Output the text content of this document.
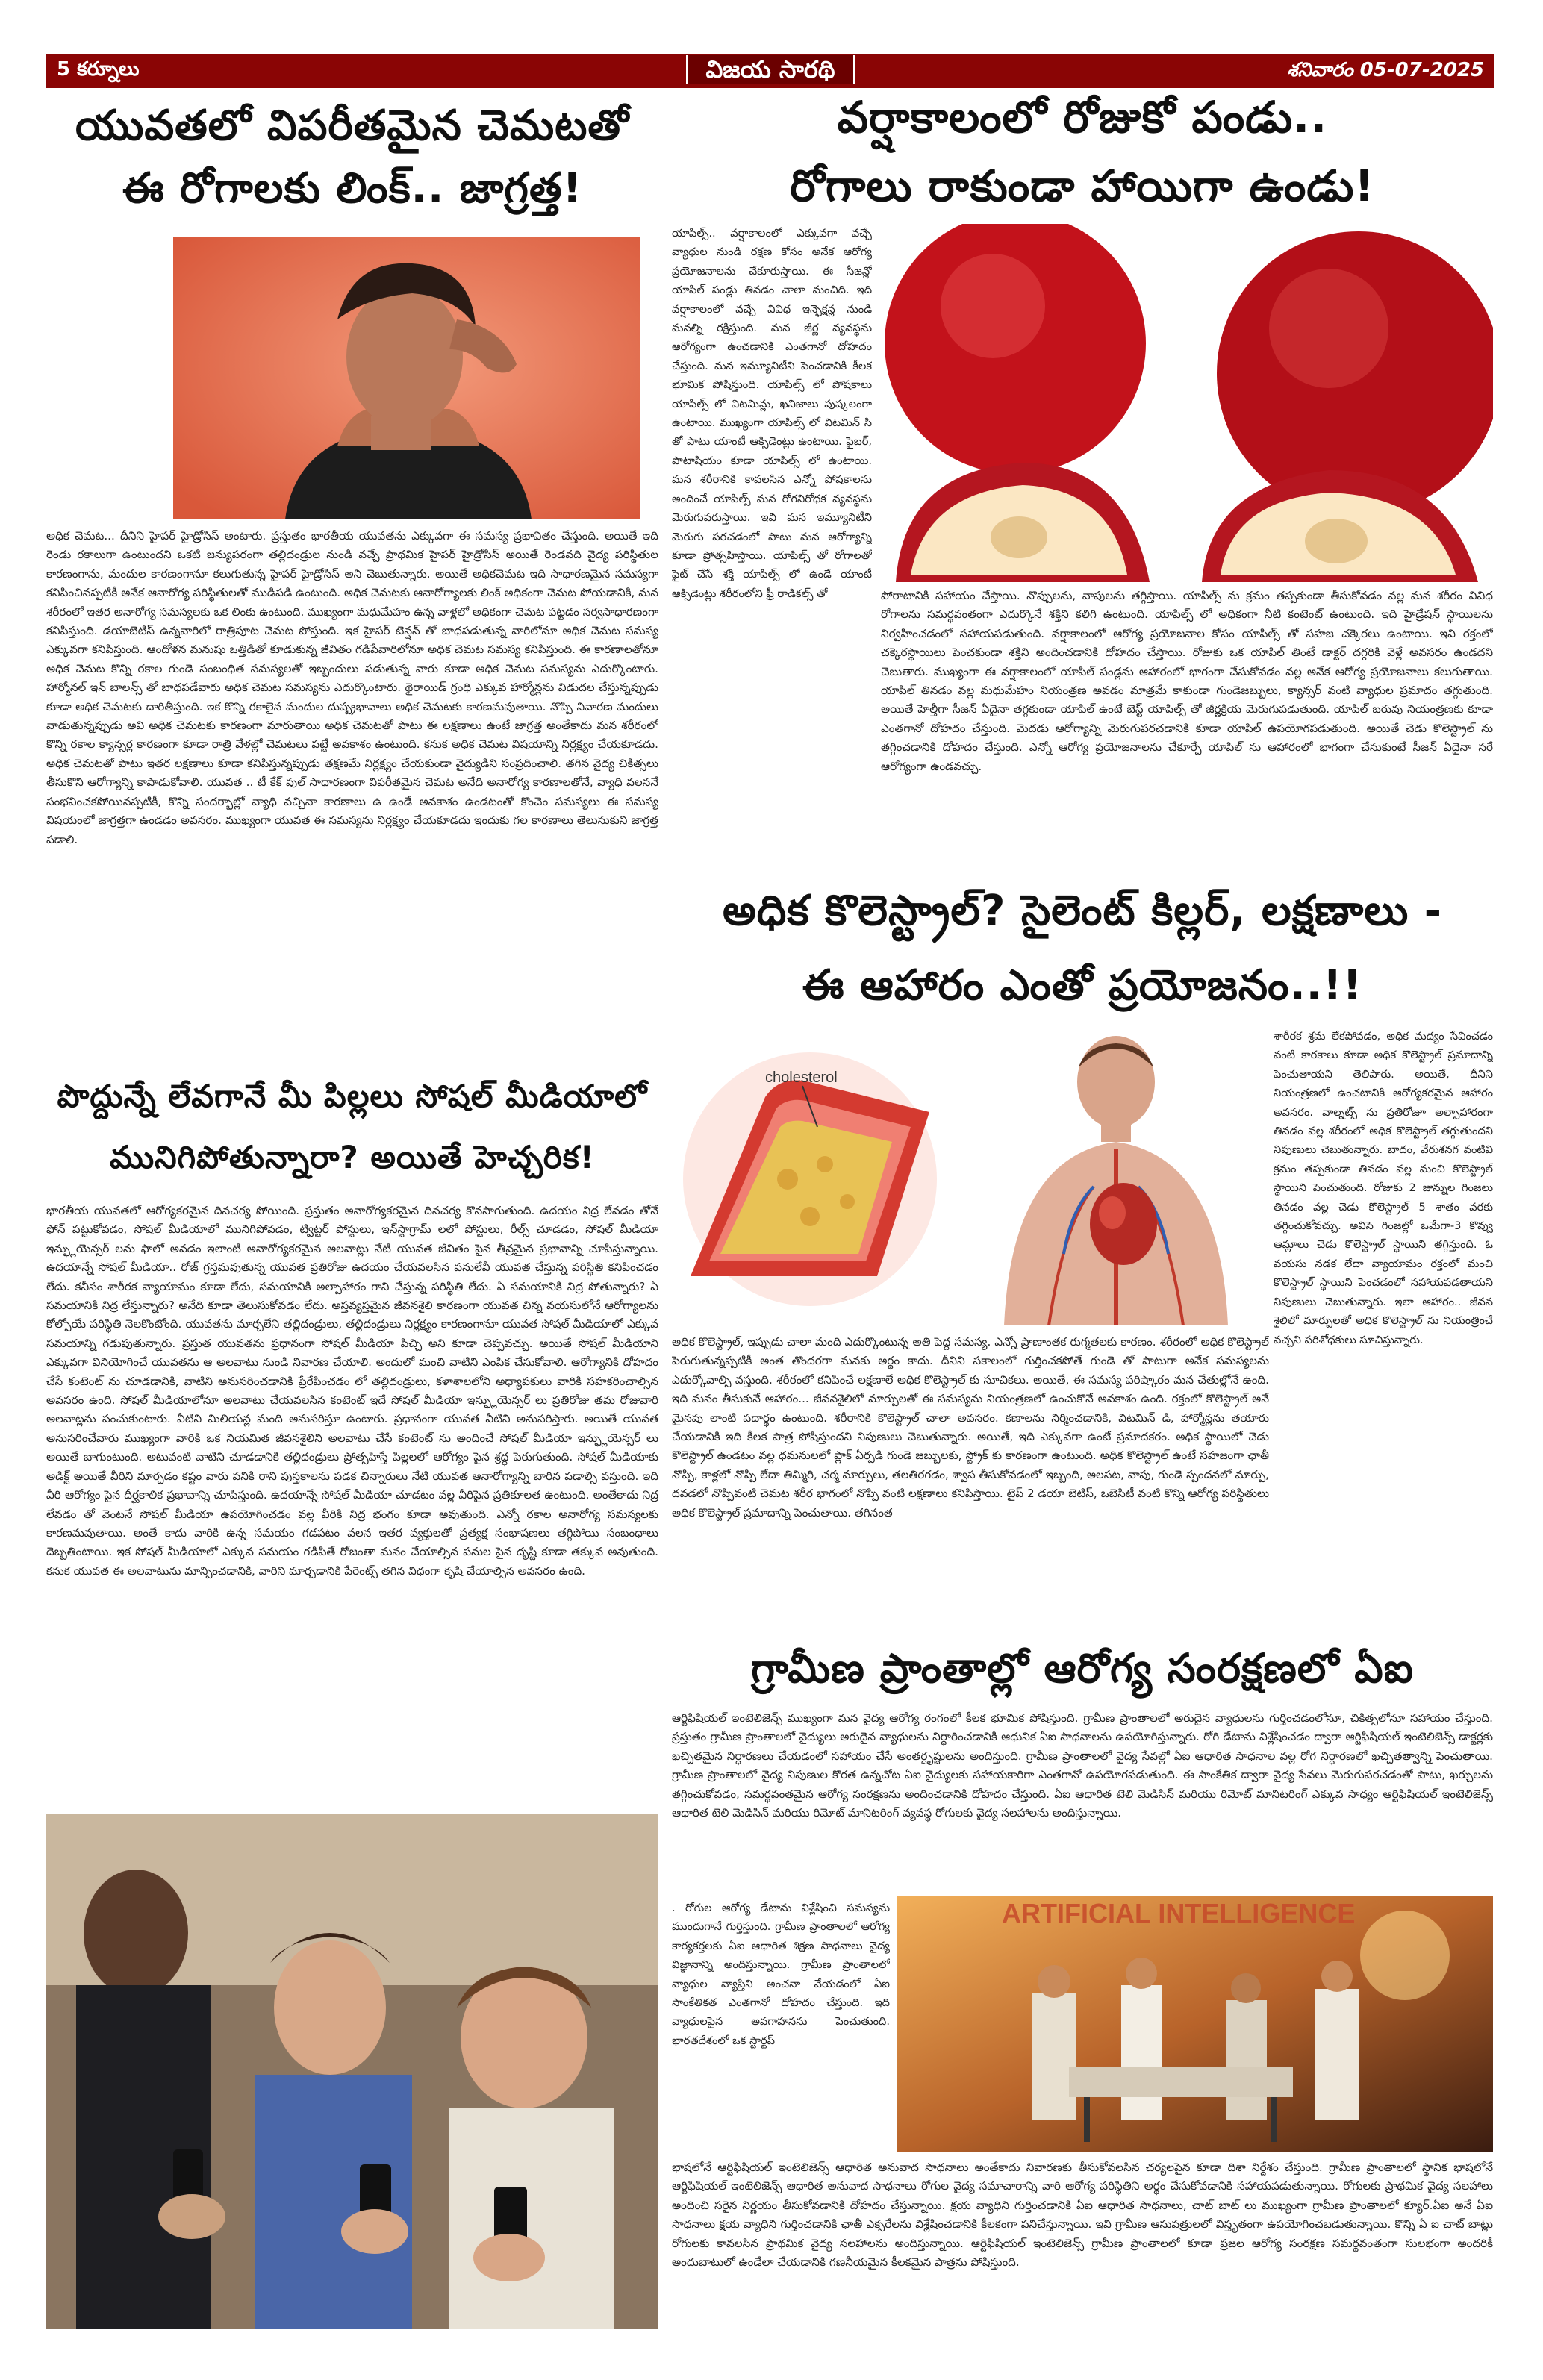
5 కర్నూలు	విజయ సారథి	శనివారం 05-07-2025
యువతలో విపరీతమైన చెమటతో
ఈ రోగాలకు లింక్.. జాగ్రత్త!
అధిక చెమట... దీనిని హైపర్ హైడ్రోసిస్ అంటారు. ప్రస్తుతం భారతీయ యువతను ఎక్కువగా ఈ సమస్య ప్రభావితం చేస్తుంది. అయితే ఇది రెండు రకాలుగా ఉంటుందని ఒకటి జన్యుపరంగా తల్లిదండ్రుల నుండి వచ్చే ప్రాథమిక హైపర్ హైడ్రోసిస్ అయితే రెండవది వైద్య పరిస్థితుల కారణంగాను, మందుల కారణంగానూ కలుగుతున్న హైపర్ హైడ్రోసిస్ అని చెబుతున్నారు. అయితే అధికచెమట ఇది సాధారణమైన సమస్యగా కనిపించినప్పటికీ అనేక ఆనారోగ్య పరిస్థితులతో ముడిపడి ఉంటుంది. అధిక చెమటకు ఆనారోగ్యాలకు లింక్ అధికంగా చెమట పోయడానికి, మన శరీరంలో ఇతర అనారోగ్య సమస్యలకు ఒక లింకు ఉంటుంది. ముఖ్యంగా మధుమేహం ఉన్న వాళ్లలో అధికంగా చెమట పట్టడం సర్వసాధారణంగా కనిపిస్తుంది. డయాబెటిస్ ఉన్నవారిలో రాత్రిపూట చెమట పోస్తుంది. ఇక హైపర్ టెన్షన్ తో బాధపడుతున్న వారిలోనూ అధిక చెమట సమస్య ఎక్కువగా కనిపిస్తుంది. ఆందోళన మనుషు ఒత్తిడితో కూడుకున్న జీవితం గడిపేవారిలోనూ అధిక చెమట సమస్య కనిపిస్తుంది. ఈ కారణాలతోనూ అధిక చెమట కొన్ని రకాల గుండె సంబంధిత సమస్యలతో ఇబ్బందులు పడుతున్న వారు కూడా అధిక చెమట సమస్యను ఎదుర్కొంటారు. హార్మోనల్ ఇన్ బాలన్స్ తో బాధపడేవారు అధిక చెమట సమస్యను ఎదుర్కొంటారు. థైరాయిడ్ గ్రంధి ఎక్కువ హార్మోన్లను విడుదల చేస్తున్నప్పుడు కూడా అధిక చెమటకు దారితీస్తుంది. ఇక కొన్ని రకాలైన మందుల దుష్ప్రభావాలు అధిక చెమటకు కారణమవుతాయి. నొప్పి నివారణ మందులు వాడుతున్నప్పుడు అవి అధిక చెమటకు కారణంగా మారుతాయి అధిక చెమటతో పాటు ఈ లక్షణాలు ఉంటే జాగ్రత్త అంతేకాదు మన శరీరంలో కొన్ని రకాల క్యాన్సర్ల కారణంగా కూడా రాత్రి వేళల్లో చెమటలు పట్టే అవకాశం ఉంటుంది. కనుక అధిక చెమట విషయాన్ని నిర్లక్ష్యం చేయకూడదు. అధిక చెమటతో పాటు ఇతర లక్షణాలు కూడా కనిపిస్తున్నప్పుడు తక్షణమే నిర్లక్ష్యం చేయకుండా వైద్యుడిని సంప్రదించాలి. తగిన వైద్య చికిత్సలు తీసుకొని ఆరోగ్యాన్ని కాపాడుకోవాలి. యువత .. టీ కేక్ పుల్ సాధారణంగా విపరీతమైన చెమట అనేది అనారోగ్య కారణాలతోనే, వ్యాధి వలననే సంభవించకపోయినప్పటికీ, కొన్ని సందర్భాల్లో వ్యాధి వచ్చినా కారణాలు ఉ ఉండే అవకాశం ఉండటంతో కొంచెం సమస్యలు ఈ సమస్య విషయంలో జాగ్రత్తగా ఉండడం అవసరం. ముఖ్యంగా యువత ఈ సమస్యను నిర్లక్ష్యం చేయకూడదు ఇందుకు గల కారణాలు తెలుసుకుని జాగ్రత్త పడాలి.
వర్షాకాలంలో రోజుకో పండు..
రోగాలు రాకుండా హాయిగా ఉండు!
యాపిల్స్.. వర్షాకాలంలో ఎక్కువగా వచ్చే వ్యాధుల నుండి రక్షణ కోసం అనేక ఆరోగ్య ప్రయోజనాలను చేకూరుస్తాయి. ఈ సీజన్లో యాపిల్ పండ్లు తినడం చాలా మంచిది. ఇది వర్షాకాలంలో వచ్చే వివిధ ఇన్ఫెక్షన్ల నుండి మనల్ని రక్షిస్తుంది. మన జీర్ణ వ్యవస్థను ఆరోగ్యంగా ఉంచడానికి ఎంతగానో దోహదం చేస్తుంది. మన ఇమ్యూనిటీని పెంచడానికి కీలక భూమిక పోషిస్తుంది. యాపిల్స్ లో పోషకాలు యాపిల్స్ లో విటమిన్లు, ఖనిజాలు పుష్కలంగా ఉంటాయి. ముఖ్యంగా యాపిల్స్ లో విటమిన్ సి తో పాటు యాంటీ ఆక్సిడెంట్లు ఉంటాయి. ఫైబర్, పొటాషియం కూడా యాపిల్స్ లో ఉంటాయి. మన శరీరానికి కావలసిన ఎన్నో పోషకాలను అందించే యాపిల్స్ మన రోగనిరోధక వ్యవస్థను మెరుగుపరుస్తాయి. ఇవి మన ఇమ్యూనిటీని మెరుగు పరచడంలో పాటు మన ఆరోగ్యాన్ని కూడా ప్రోత్సహిస్తాయి. యాపిల్స్ తో రోగాలతో ఫైట్ చేసే శక్తి యాపిల్స్ లో ఉండే యాంటీ ఆక్సిడెంట్లు శరీరంలోని ఫ్రీ రాడికల్స్ తో	పోరాటానికి సహాయం చేస్తాయి. నొప్పులను, వాపులను తగ్గిస్తాయి. యాపిల్స్ ను క్రమం తప్పకుండా తీసుకోవడం వల్ల మన శరీరం వివిధ రోగాలను సమర్థవంతంగా ఎదుర్కొనే శక్తిని కలిగి ఉంటుంది. యాపిల్స్ లో అధికంగా నీటి కంటెంట్ ఉంటుంది. ఇది హైడ్రేషన్ స్థాయిలను నిర్వహించడంలో సహాయపడుతుంది. వర్షాకాలంలో ఆరోగ్య ప్రయోజనాల కోసం యాపిల్స్ తో సహజ చక్కెరలు ఉంటాయి. ఇవి రక్తంలో చక్కెరస్థాయిలు పెంచకుండా శక్తిని అందించడానికి దోహదం చేస్తాయి. రోజుకు ఒక యాపిల్ తింటే డాక్టర్ దగ్గరికి వెళ్లే అవసరం ఉండదని చెబుతారు. ముఖ్యంగా ఈ వర్షాకాలంలో యాపిల్ పండ్లను ఆహారంలో భాగంగా చేసుకోవడం వల్ల అనేక ఆరోగ్య ప్రయోజనాలు కలుగుతాయి. యాపిల్ తినడం వల్ల మధుమేహం నియంత్రణ అవడం మాత్రమే కాకుండా గుండెజబ్బులు, క్యాన్సర్ వంటి వ్యాధుల ప్రమాదం తగ్గుతుంది. అయితే హెల్తీగా సీజన్ ఏదైనా తగ్గకుండా యాపిల్ ఉంటే బెస్ట్ యాపిల్స్ తో జీర్ణక్రియ మెరుగుపడుతుంది. యాపిల్ బరువు నియంత్రణకు కూడా ఎంతగానో దోహదం చేస్తుంది. మెదడు ఆరోగ్యాన్ని మెరుగుపరచడానికి కూడా యాపిల్ ఉపయోగపడుతుంది. అయితే చెడు కొలెస్ట్రాల్ ను తగ్గించడానికి దోహదం చేస్తుంది. ఎన్నో ఆరోగ్య ప్రయోజనాలను చేకూర్చే యాపిల్ ను ఆహారంలో భాగంగా చేసుకుంటే సీజన్ ఏదైనా సరే ఆరోగ్యంగా ఉండవచ్చు.
పొద్దున్నే లేవగానే మీ పిల్లలు సోషల్ మీడియాలో
మునిగిపోతున్నారా? అయితే హెచ్చరిక!
భారతీయ యువతలో ఆరోగ్యకరమైన దినచర్య పోయింది. ప్రస్తుతం అనారోగ్యకరమైన దినచర్య కొనసాగుతుంది. ఉదయం నిద్ర లేవడం తోనే ఫోన్ పట్టుకోవడం, సోషల్ మీడియాలో మునిగిపోవడం, ట్విట్టర్ పోస్టులు, ఇన్‌స్టాగ్రామ్‌ లలో పోస్టులు, రీల్స్ చూడడం, సోషల్ మీడియా ఇన్ఫ్లుయెన్సర్ లను ఫాలో అవడం ఇలాంటి అనారోగ్యకరమైన అలవాట్లు నేటి యువత జీవితం పైన తీవ్రమైన ప్రభావాన్ని చూపిస్తున్నాయి. ఉదయాన్నే సోషల్ మీడియా.. రోజ్ గ్రస్తమవుతున్న యువత ప్రతిరోజు ఉదయం చేయవలసిన పనులేవీ యువత చేస్తున్న పరిస్థితి కనిపించడం లేదు. కనీసం శారీరక వ్యాయామం కూడా లేదు, సమయానికి అల్పాహారం గాని చేస్తున్న పరిస్థితి లేదు. ఏ సమయానికి నిద్ర పోతున్నారు? ఏ సమయానికి నిద్ర లేస్తున్నారు? అనేది కూడా తెలుసుకోవడం లేదు. అస్తవ్యస్తమైన జీవనశైలి కారణంగా యువత చిన్న వయసులోనే ఆరోగ్యాలను కోల్పోయే పరిస్థితి నెలకొంటోంది. యువతను మార్చలేని తల్లిదండ్రులు, తల్లిదండ్రులు నిర్లక్ష్యం కారణంగానూ యువత సోషల్ మీడియాలో ఎక్కువ సమయాన్ని గడుపుతున్నారు. ప్రస్తుత యువతను ప్రధానంగా సోషల్ మీడియా పిచ్చి అని కూడా చెప్పవచ్చు. అయితే సోషల్ మీడియాని ఎక్కువగా వినియోగించే యువతను ఆ అలవాటు నుండి నివారణ చేయాలి. అందులో మంచి వాటిని ఎంపిక చేసుకోవాలి. ఆరోగ్యానికి దోహదం చేసే కంటెంట్ ను చూడడానికి, వాటిని అనుసరించడానికి ప్రేరేపించడం లో తల్లిదండ్రులు, కళాశాలలోని అధ్యాపకులు వారికి సహకరించాల్సిన అవసరం ఉంది. సోషల్ మీడియాలోనూ అలవాటు చేయవలసిన కంటెంట్ ఇదే సోషల్ మీడియా ఇన్ఫ్లుయెన్సర్ లు ప్రతిరోజు తమ రోజువారి అలవాట్లను పంచుకుంటారు. వీటిని మిలియన్ల మంది అనుసరిస్తూ ఉంటారు. ప్రధానంగా యువత వీటిని అనుసరిస్తారు. అయితే యువత అనుసరించేవారు ముఖ్యంగా వారికి ఒక నియమిత జీవనశైలిని అలవాటు చేసే కంటెంట్ ను అందించే సోషల్ మీడియా ఇన్ఫ్లుయెన్సర్ లు అయితే బాగుంటుంది. అటువంటి వాటిని చూడడానికి తల్లిదండ్రులు ప్రోత్సహిస్తే పిల్లలలో ఆరోగ్యం పైన శ్రద్ధ పెరుగుతుంది. సోషల్ మీడియాకు అడిక్ట్ అయితే వీరిని మార్చడం కష్టం వారు పనికి రాని పుస్తకాలను పడక చిన్నారులు నేటి యువత ఆనారోగ్యాన్ని బారిన పడాల్సి వస్తుంది. ఇది వీరి ఆరోగ్యం పైన దీర్ఘకాలిక ప్రభావాన్ని చూపిస్తుంది. ఉదయాన్నే సోషల్ మీడియా చూడటం వల్ల వీరిపైన ప్రతికూలత ఉంటుంది. అంతేకాదు నిద్ర లేవడం తో వెంటనే సోషల్ మీడియా ఉపయోగించడం వల్ల వీరికి నిద్ర భంగం కూడా అవుతుంది. ఎన్నో రకాల అనారోగ్య సమస్యలకు కారణమవుతాయి. అంతే కాదు వారికి ఉన్న సమయం గడపటం వలన ఇతర వ్యక్తులతో ప్రత్యక్ష సంభాషణలు తగ్గిపోయి సంబంధాలు దెబ్బతింటాయి. ఇక సోషల్ మీడియాలో ఎక్కువ సమయం గడిపితే రోజంతా మనం చేయాల్సిన పనుల పైన దృష్టి కూడా తక్కువ అవుతుంది. కనుక యువత ఈ అలవాటును మాన్పించడానికి, వారిని మార్చడానికి పేరెంట్స్ తగిన విధంగా కృషి చేయాల్సిన అవసరం ఉంది.
అధిక కొలెస్ట్రాల్? సైలెంట్ కిల్లర్, లక్షణాలు -
ఈ ఆహారం ఎంతో ప్రయోజనం..!!
cholesterol
శారీరక శ్రమ లేకపోవడం, అధిక మద్యం సేవించడం వంటి కారకాలు కూడా అధిక కొలెస్ట్రాల్ ప్రమాదాన్ని పెంచుతాయని తెలిపారు. అయితే, దీనిని నియంత్రణలో ఉంచటానికి ఆరోగ్యకరమైన ఆహారం అవసరం. వాల్నట్స్ ను ప్రతిరోజూ అల్పాహారంగా తినడం వల్ల శరీరంలో అధిక కొలెస్ట్రాల్ తగ్గుతుందని నిపుణులు చెబుతున్నారు. బాదం, వేరుశనగ వంటివి క్రమం తప్పకుండా తినడం వల్ల మంచి కొలెస్ట్రాల్ స్థాయిని పెంచుతుంది. రోజుకు 2 జున్నుల గింజలు తినడం వల్ల చెడు కొలెస్ట్రాల్ 5 శాతం వరకు తగ్గించుకోవచ్చు. అవిసె గింజల్లో ఒమేగా-3 కొవ్వు ఆమ్లాలు చెడు కొలెస్ట్రాల్ స్థాయిని తగ్గిస్తుంది. ఓ వయసు నడక లేదా వ్యాయామం రక్తంలో మంచి కొలెస్ట్రాల్ స్థాయిని పెంచడంలో సహాయపడతాయని నిపుణులు చెబుతున్నారు. ఇలా ఆహారం.. జీవన శైలిలో మార్పులతో అధిక కొలెస్ట్రాల్ ను నియంత్రించే వచ్చని పరిశోధకులు సూచిస్తున్నారు.
అధిక కొలెస్ట్రాల్, ఇప్పుడు చాలా మంది ఎదుర్కొంటున్న అతి పెద్ద సమస్య. ఎన్నో ప్రాణాంతక రుగ్మతలకు కారణం. శరీరంలో అధిక కొలెస్ట్రాల్ పెరుగుతున్నప్పటికీ అంత తొందరగా మనకు అర్థం కాదు. దీనిని సకాలంలో గుర్తించకపోతే గుండె తో పాటుగా అనేక సమస్యలను ఎదుర్కోవాల్సి వస్తుంది. శరీరంలో కనిపించే లక్షణాలే అధిక కొలెస్ట్రాల్ కు సూచికలు. అయితే, ఈ సమస్య పరిష్కారం మన చేతుల్లోనే ఉంది. ఇది మనం తీసుకునే ఆహారం... జీవనశైలిలో మార్పులతో ఈ సమస్యను నియంత్రణలో ఉంచుకొనే అవకాశం ఉంది. రక్తంలో కొలెస్ట్రాల్ అనే మైనపు లాంటి పదార్థం ఉంటుంది. శరీరానికి కొలెస్ట్రాల్ చాలా అవసరం. కణాలను నిర్మించడానికి, విటమిన్ డి, హార్మోన్లను తయారు చేయడానికి ఇది కీలక పాత్ర పోషిస్తుందని నిపుణులు చెబుతున్నారు. అయితే, ఇది ఎక్కువగా ఉంటే ప్రమాదకరం. అధిక స్థాయిలో చెడు కొలెస్ట్రాల్ ఉండటం వల్ల ధమనులలో ప్లాక్ ఏర్పడి గుండె జబ్బులకు, స్ట్రోక్ కు కారణంగా ఉంటుంది. అధిక కొలెస్ట్రాల్ ఉంటే సహజంగా ఛాతీ నొప్పి, కాళ్లలో నొప్పి లేదా తిమ్మిరి, చర్మ మార్పులు, తలతిరగడం, శ్వాస తీసుకోవడంలో ఇబ్బంది, అలసట, వాపు, గుండె స్పందనలో మార్పు, దవడలో నొప్పివంటి చెమట శరీర భాగంలో నొప్పి వంటి లక్షణాలు కనిపిస్తాయి. టైప్ 2 డయా బెటిస్, ఒబెసిటీ వంటి కొన్ని ఆరోగ్య పరిస్థితులు అధిక కొలెస్ట్రాల్ ప్రమాదాన్ని పెంచుతాయి. తగినంత
గ్రామీణ ప్రాంతాల్లో ఆరోగ్య సంరక్షణలో ఏఐ
ఆర్టిఫిషియల్ ఇంటెలిజెన్స్ ముఖ్యంగా మన వైద్య ఆరోగ్య రంగంలో కీలక భూమిక పోషిస్తుంది. గ్రామీణ ప్రాంతాలలో అరుదైన వ్యాధులను గుర్తించడంలోనూ, చికిత్సలోనూ సహాయం చేస్తుంది. ప్రస్తుతం గ్రామీణ ప్రాంతాలలో వైద్యులు అరుదైన వ్యాధులను నిర్ధారించడానికి ఆధునిక ఏఐ సాధనాలను ఉపయోగిస్తున్నారు. రోగి డేటాను విశ్లేషించడం ద్వారా ఆర్టిఫిషియల్ ఇంటెలిజెన్స్ డాక్టర్లకు ఖచ్చితమైన నిర్ధారణలు చేయడంలో సహాయం చేసే అంతర్దృష్టులను అందిస్తుంది. గ్రామీణ ప్రాంతాలలో వైద్య సేవల్లో ఏఐ ఆధారిత సాధనాల వల్ల రోగ నిర్ధారణలో ఖచ్చితత్వాన్ని పెంచుతాయి. గ్రామీణ ప్రాంతాలలో వైద్య నిపుణుల కొరత ఉన్నచోట ఏఐ వైద్యులకు సహాయకారిగా ఎంతగానో ఉపయోగపడుతుంది. ఈ సాంకేతిక ద్వారా వైద్య సేవలు మెరుగుపరచడంతో పాటు, ఖర్చులను తగ్గించుకోవడం, సమర్థవంతమైన ఆరోగ్య సంరక్షణను అందించడానికి దోహదం చేస్తుంది. ఏఐ ఆధారిత టెలి మెడిసిన్ మరియు రిమోట్ మానిటరింగ్ ఎక్కువ సాధ్యం ఆర్టిఫిషియల్ ఇంటెలిజెన్స్ ఆధారిత టెలి మెడిసిన్ మరియు రిమోట్ మానిటరింగ్ వ్యవస్థ రోగులకు వైద్య సలహాలను అందిస్తున్నాయి.
. రోగుల ఆరోగ్య డేటాను విశ్లేషించి సమస్యను ముందుగానే గుర్తిస్తుంది. గ్రామీణ ప్రాంతాలలో ఆరోగ్య కార్యకర్తలకు ఏఐ ఆధారిత శిక్షణ సాధనాలు వైద్య విజ్ఞానాన్ని అందిస్తున్నాయి. గ్రామీణ ప్రాంతాలలో వ్యాధుల వ్యాప్తిని అంచనా వేయడంలో ఏఐ సాంకేతికత ఎంతగానో దోహదం చేస్తుంది. ఇది వ్యాధులపైన అవగాహనను పెంచుతుంది. భారతదేశంలో ఒక స్టార్టప్
ARTIFICIAL INTELLIGENCE
భాషలోనే ఆర్టిఫిషియల్ ఇంటెలిజెన్స్ ఆధారిత అనువాద సాధనాలు అంతేకాదు నివారణకు తీసుకోవలసిన చర్యలపైన కూడా దిశా నిర్దేశం చేస్తుంది. గ్రామీణ ప్రాంతాలలో స్థానిక భాషలోనే ఆర్టిఫిషియల్ ఇంటెలిజెన్స్ ఆధారిత అనువాద సాధనాలు రోగుల వైద్య సమాచారాన్ని వారి ఆరోగ్య పరిస్థితిని అర్థం చేసుకోవడానికి సహాయపడుతున్నాయి. రోగులకు ప్రాథమిక వైద్య సలహాలు అందించి సరైన నిర్ణయం తీసుకోవడానికి దోహదం చేస్తున్నాయి. క్షయ వ్యాధిని గుర్తించడానికి ఏఐ ఆధారిత సాధనాలు, చాట్ బాట్ లు ముఖ్యంగా గ్రామీణ ప్రాంతాలలో క్యూర్.ఏఐ అనే ఏఐ సాధనాలు క్షయ వ్యాధిని గుర్తించడానికి ఛాతీ ఎక్సరేలను విశ్లేషించడానికి కీలకంగా పనిచేస్తున్నాయి. ఇవి గ్రామీణ ఆసుపత్రులలో విస్తృతంగా ఉపయోగించబడుతున్నాయి. కొన్ని ఏ ఐ చాట్ బాట్లు రోగులకు కావలసిన ప్రాథమిక వైద్య సలహాలను అందిస్తున్నాయి. ఆర్టిఫిషియల్ ఇంటెలిజెన్స్ గ్రామీణ ప్రాంతాలలో కూడా ప్రజల ఆరోగ్య సంరక్షణ సమర్థవంతంగా సులభంగా అందరికీ అందుబాటులో ఉండేలా చేయడానికి గణనీయమైన కీలకమైన పాత్రను పోషిస్తుంది.
